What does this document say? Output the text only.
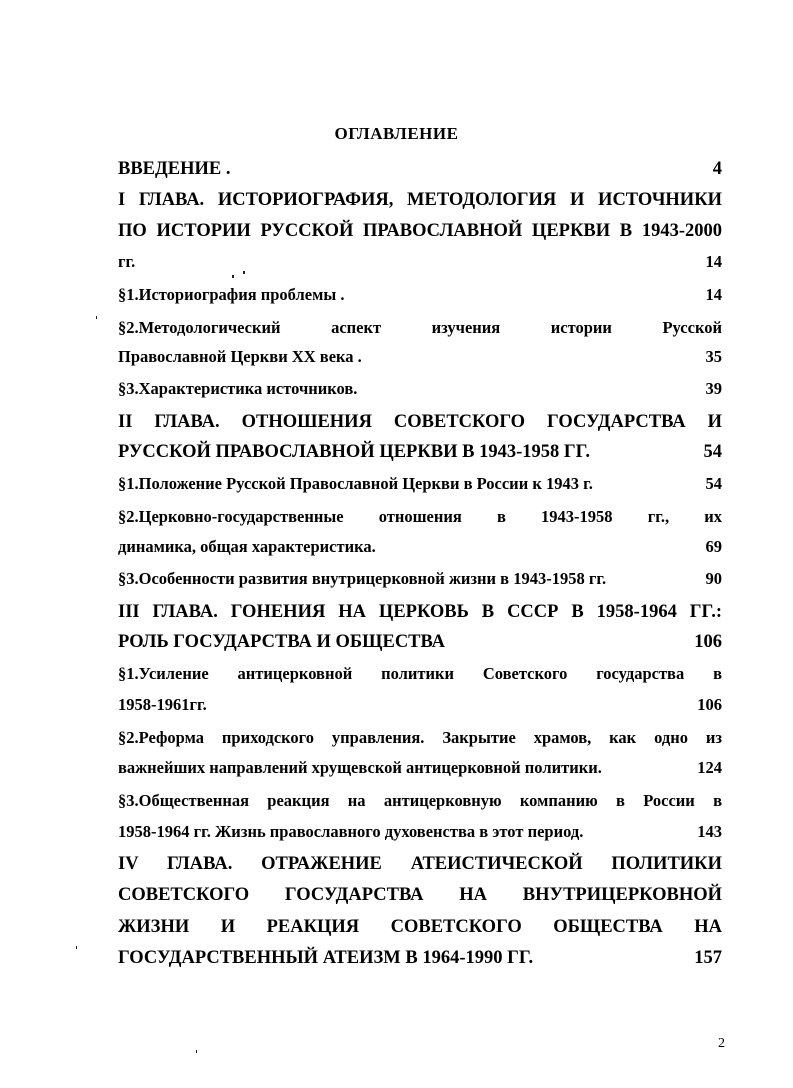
ОГЛАВЛЕНИЕ
ВВЕДЕНИЕ .	4
I ГЛАВА. ИСТОРИОГРАФИЯ, МЕТОДОЛОГИЯ И ИСТОЧНИКИ
ПО ИСТОРИИ РУССКОЙ ПРАВОСЛАВНОЙ ЦЕРКВИ В 1943-2000
гг.	14
§1.Историография проблемы .	14
§2.Методологический аспект изучения истории Русской
Православной Церкви XX века .	35
§3.Характеристика источников.	39
II ГЛАВА. ОТНОШЕНИЯ СОВЕТСКОГО ГОСУДАРСТВА И
РУССКОЙ ПРАВОСЛАВНОЙ ЦЕРКВИ В 1943-1958 ГГ.	54
§1.Положение Русской Православной Церкви в России к 1943 г.	54
§2.Церковно-государственные отношения в 1943-1958 гг., их
динамика, общая характеристика.	69
§3.Особенности развития внутрицерковной жизни в 1943-1958 гг.	90
III ГЛАВА. ГОНЕНИЯ НА ЦЕРКОВЬ В СССР В 1958-1964 ГГ.:
РОЛЬ ГОСУДАРСТВА И ОБЩЕСТВА	106
§1.Усиление антицерковной политики Советского государства в
1958-1961гг.	106
§2.Реформа приходского управления. Закрытие храмов, как одно из
важнейших направлений хрущевской антицерковной политики.	124
§3.Общественная реакция на антицерковную компанию в России в
1958-1964 гг. Жизнь православного духовенства в этот период.	143
IV ГЛАВА. ОТРАЖЕНИЕ АТЕИСТИЧЕСКОЙ ПОЛИТИКИ
СОВЕТСКОГО ГОСУДАРСТВА НА ВНУТРИЦЕРКОВНОЙ
ЖИЗНИ И РЕАКЦИЯ СОВЕТСКОГО ОБЩЕСТВА НА
ГОСУДАРСТВЕННЫЙ АТЕИЗМ В 1964-1990 ГГ.	157
2
